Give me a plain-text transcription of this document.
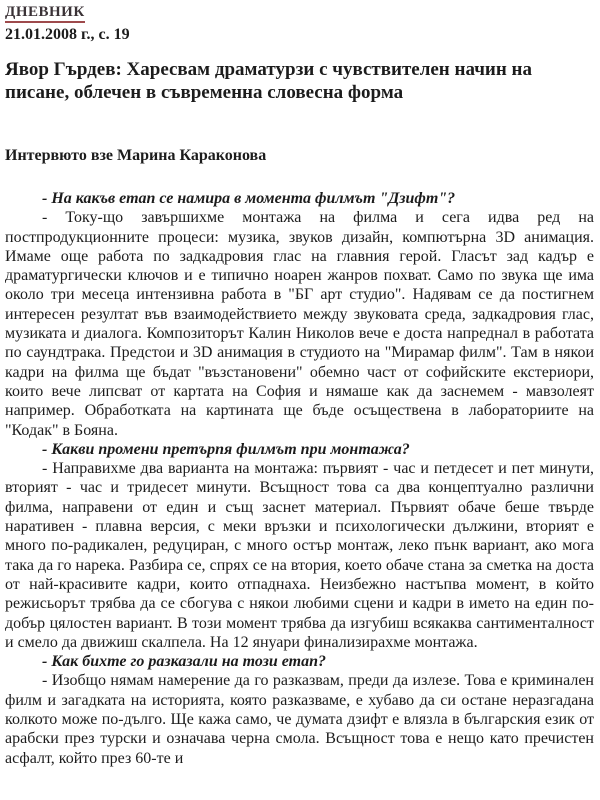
ДНЕВНИК
21.01.2008 г., с. 19
Явор Гърдев: Харесвам драматурзи с чувствителен начин на писане, облечен в съвременна словесна форма
Интервюто взе Марина Караконова

- На какъв етап се намира в момента филмът "Дзифт"?

- Току-що завършихме монтажа на филма и сега идва ред на постпродукционните процеси: музика, звуков дизайн, компютърна 3D анимация. Имаме още работа по задкадровия глас на главния герой. Гласът зад кадър е драматургически ключов и е типично ноарен жанров похват. Само по звука ще има около три месеца интензивна работа в "БГ арт студио". Надявам се да постигнем интересен резултат във взаимодействието между звуковата среда, задкадровия глас, музиката и диалога. Композиторът Калин Николов вече е доста напреднал в работата по саундтрака. Предстои и 3D анимация в студиото на "Мирамар филм". Там в някои кадри на филма ще бъдат "възстановени" обемно част от софийските екстериори, които вече липсват от картата на София и нямаше как да заснемем - мавзолеят например. Обработката на картината ще бъде осъществена в лабораториите на "Кодак" в Бояна.

- Какви промени претърпя филмът при монтажа?

- Направихме два варианта на монтажа: първият - час и петдесет и пет минути, вторият - час и тридесет минути. Всъщност това са два концептуално различни филма, направени от един и същ заснет материал. Първият обаче беше твърде наративен - плавна версия, с меки връзки и психологически дължини, вторият е много по-радикален, редуциран, с много остър монтаж, леко пънк вариант, ако мога така да го нарека. Разбира се, спрях се на втория, което обаче стана за сметка на доста от най-красивите кадри, които отпаднаха. Неизбежно настъпва момент, в който режисьорът трябва да се сбогува с някои любими сцени и кадри в името на един по-добър цялостен вариант. В този момент трябва да изгубиш всякаква сантименталност и смело да движиш скалпела. На 12 януари финализирахме монтажа.

- Как бихте го разказали на този етап?

- Изобщо нямам намерение да го разказвам, преди да излезе. Това е криминален филм и загадката на историята, която разказваме, е хубаво да си остане неразгадана колкото може по-дълго. Ще кажа само, че думата дзифт е влязла в българския език от арабски през турски и означава черна смола. Всъщност това е нещо като пречистен асфалт, който през 60-те и
